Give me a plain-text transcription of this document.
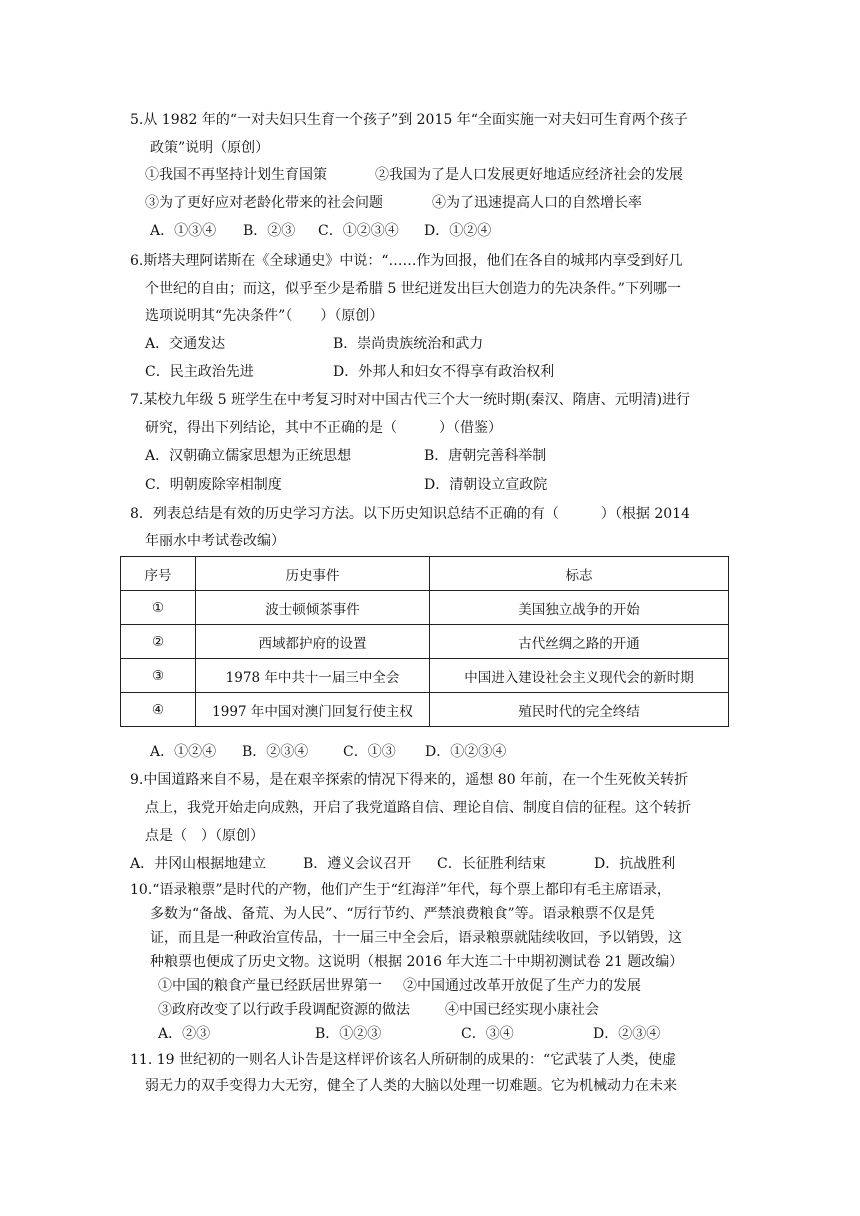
5.从 1982 年的“一对夫妇只生育一个孩子”到 2015 年“全面实施一对夫妇可生育两个孩子
政策”说明（原创）
①我国不再坚持计划生育国策	②我国为了是人口发展更好地适应经济社会的发展
③为了更好应对老龄化带来的社会问题	④为了迅速提高人口的自然增长率
A．①③④ B．②③ C．①②③④ D．①②④
6.斯塔夫理阿诺斯在《全球通史》中说：“……作为回报，他们在各自的城邦内享受到好几
个世纪的自由；而这，似乎至少是希腊 5 世纪迸发出巨大创造力的先决条件。”下列哪一
选项说明其“先决条件”（　　）（原创）
A．交通发达	B．崇尚贵族统治和武力
C．民主政治先进	D．外邦人和妇女不得享有政治权利
7.某校九年级 5 班学生在中考复习时对中国古代三个大一统时期(秦汉、隋唐、元明清)进行
研究，得出下列结论，其中不正确的是（　　　）（借鉴）
A．汉朝确立儒家思想为正统思想	B．唐朝完善科举制
C．明朝废除宰相制度	D．清朝设立宣政院
8．列表总结是有效的历史学习方法。以下历史知识总结不正确的有（　　　）（根据 2014
年丽水中考试卷改编）
序号	历史事件	标志
①	波士顿倾茶事件	美国独立战争的开始
②	西域都护府的设置	古代丝绸之路的开通
③	1978 年中共十一届三中全会	中国进入建设社会主义现代会的新时期
④	1997 年中国对澳门回复行使主权	殖民时代的完全终结
A．①②④ B．②③④ C．①③ D．①②③④
9.中国道路来自不易，是在艰辛探索的情况下得来的，遥想 80 年前，在一个生死攸关转折
点上，我党开始走向成熟，开启了我党道路自信、理论自信、制度自信的征程。这个转折
点是（　）（原创）
A．井冈山根据地建立	B．遵义会议召开 C．长征胜利结束	D．抗战胜利
10.“语录粮票”是时代的产物，他们产生于“红海洋”年代，每个票上都印有毛主席语录，
多数为“备战、备荒、为人民”、“厉行节约、严禁浪费粮食”等。语录粮票不仅是凭
证，而且是一种政治宣传品，十一届三中全会后，语录粮票就陆续收回，予以销毁，这
种粮票也便成了历史文物。这说明（根据 2016 年大连二十中期初测试卷 21 题改编）
①中国的粮食产量已经跃居世界第一 ②中国通过改革开放促了生产力的发展
③政府改变了以行政手段调配资源的做法	④中国已经实现小康社会
A．②③	B．①②③	C．③④	D．②③④
11. 19 世纪初的一则名人讣告是这样评价该名人所研制的成果的：“它武装了人类，使虚
弱无力的双手变得力大无穷，健全了人类的大脑以处理一切难题。它为机械动力在未来
